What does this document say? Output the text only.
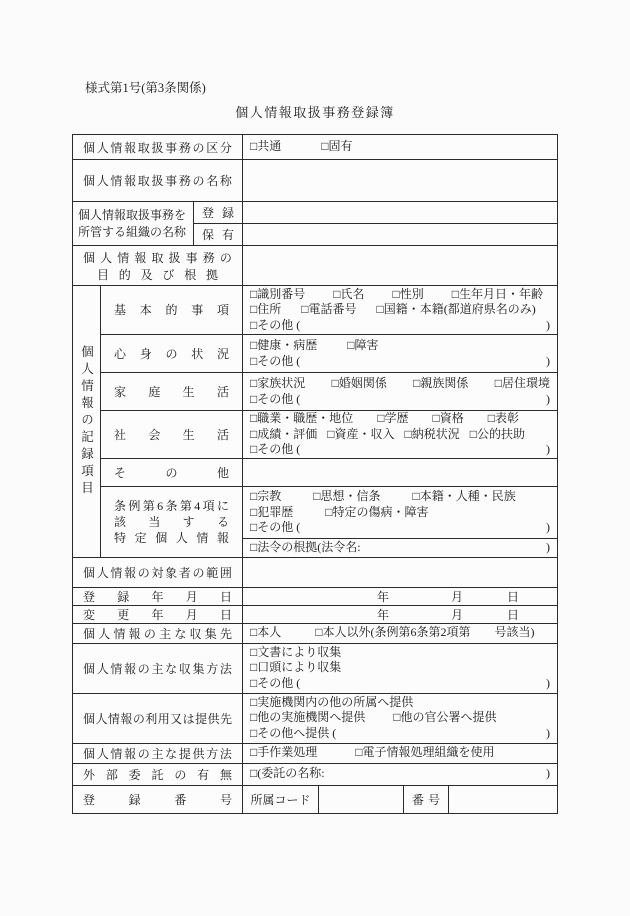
様式第1号(第3条関係)
個人情報取扱事務登録簿
個 人 情 報 取 扱 事 務 の 区 分 □共通	□固有
個 人 情 報 取 扱 事 務 の 名 称
個人情報取扱事務を
所管する組織の名称
登 録
保 有
個 人 情 報 取 扱 事 務 の
目 的 及 び 根 拠
個人情報の記録項目
基 本 的 事 項
□識別番号 □氏名 □性別 □生年月日・年齢
□住所 □電話番号 □国籍・本籍(都道府県名のみ)
□その他 (	)
心 身 の 状 況
□健康・病歴	□障害
□その他 (	)
家 庭 生 活
□家族状況 □婚姻関係 □親族関係 □居住環境
□その他 (	)
社 会 生 活
□職業・職歴・地位 □学歴 □資格 □表彰
□成績・評価 □資産・収入 □納税状況 □公的扶助
□その他 (	)
そ	の	他
条 例 第 6 条 第 4 項 に
該 当 す る
特 定 個 人 情 報
□宗教	□思想・信条	□本籍・人種・民族
□犯罪歴	□特定の傷病・障害
□その他 (	)
□法令の根拠(法令名:	)
個 人 情 報 の 対 象 者 の 範 囲
登 録 年 月 日	年	月	日
変 更 年 月 日	年	月	日
個 人 情 報 の 主 な 収 集 先 □本人	□本人以外(条例第6条第2項第　　号該当)
個 人 情 報 の 主 な 収 集 方 法
□文書により収集
□口頭により収集
□その他 (	)
個 人 情 報 の 利 用 又 は 提 供 先
□実施機関内の他の所属へ提供
□他の実施機関へ提供 □他の官公署へ提供
□その他へ提供 (	)
個 人 情 報 の 主 な 提 供 方 法 □手作業処理	□電子情報処理組織を使用
外 部 委 託 の 有 無 □(委託の名称:	)
登	録	番	号	所属コード	番 号
